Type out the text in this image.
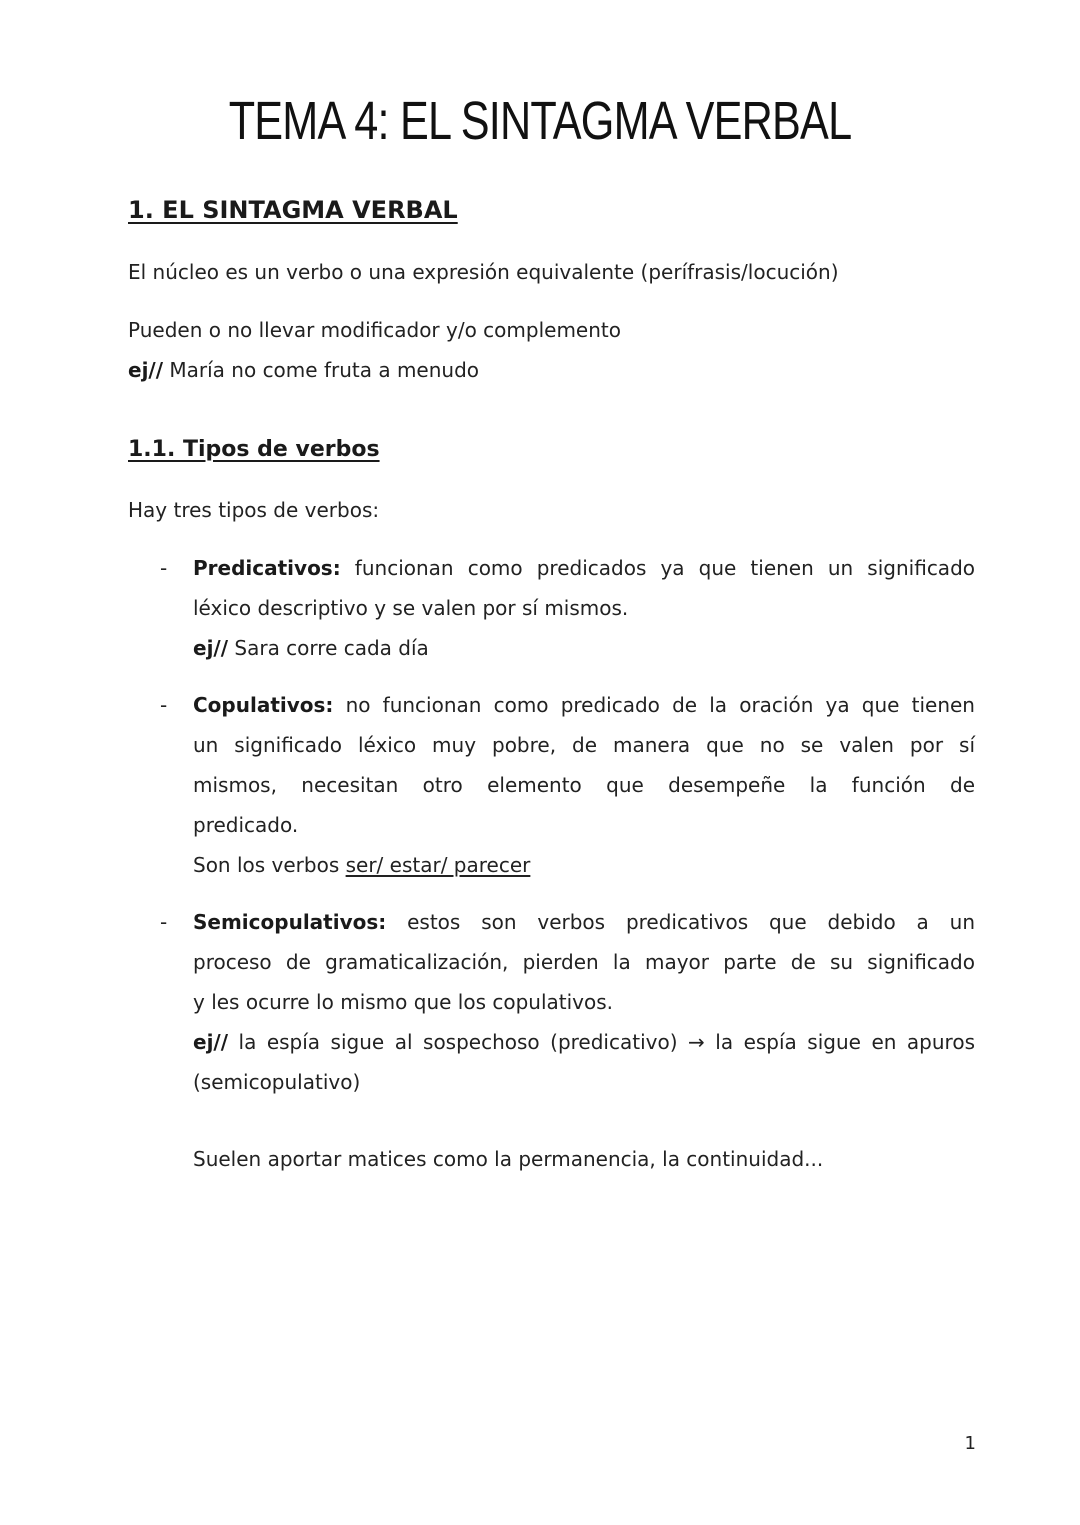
TEMA 4: EL SINTAGMA VERBAL
1. EL SINTAGMA VERBAL

El núcleo es un verbo o una expresión equivalente (perífrasis/locución)

Pueden o no llevar modificador y/o complemento

ej// María no come fruta a menudo

1.1. Tipos de verbos

Hay tres tipos de verbos:

- Predicativos: funcionan como predicados ya que tienen un significado
léxico descriptivo y se valen por sí mismos.
ej// Sara corre cada día
- Copulativos: no funcionan como predicado de la oración ya que tienen
un significado léxico muy pobre, de manera que no se valen por sí
mismos, necesitan otro elemento que desempeñe la función de
predicado.
Son los verbos ser/ estar/ parecer
- Semicopulativos: estos son verbos predicativos que debido a un
proceso de gramaticalización, pierden la mayor parte de su significado
y les ocurre lo mismo que los copulativos.
ej// la espía sigue al sospechoso (predicativo) → la espía sigue en apuros
(semicopulativo)

Suelen aportar matices como la permanencia, la continuidad...

1
